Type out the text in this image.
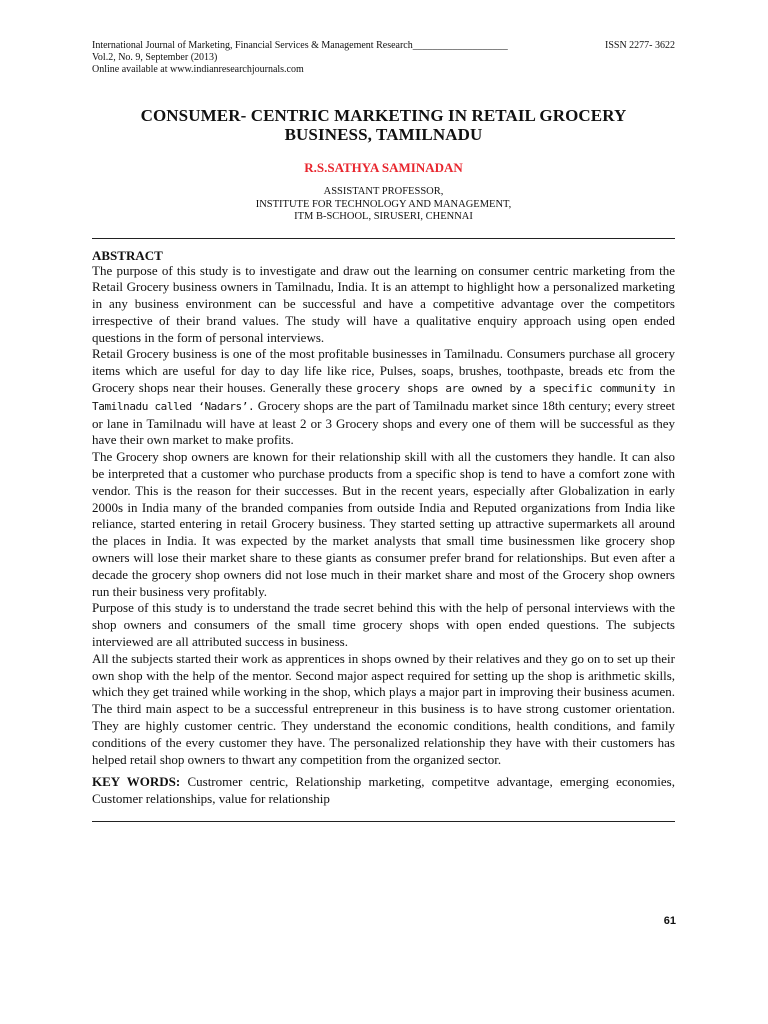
International Journal of Marketing, Financial Services & Management Research___________________	ISSN 2277- 3622
Vol.2, No. 9, September (2013)
Online available at www.indianresearchjournals.com
CONSUMER- CENTRIC MARKETING IN RETAIL GROCERY
BUSINESS, TAMILNADU
R.S.SATHYA SAMINADAN
ASSISTANT PROFESSOR,
INSTITUTE FOR TECHNOLOGY AND MANAGEMENT,
ITM B-SCHOOL, SIRUSERI, CHENNAI
ABSTRACT

The purpose of this study is to investigate and draw out the learning on consumer centric marketing from the Retail Grocery business owners in Tamilnadu, India. It is an attempt to highlight how a personalized marketing in any business environment can be successful and have a competitive advantage over the competitors irrespective of their brand values. The study will have a qualitative enquiry approach using open ended questions in the form of personal interviews.

Retail Grocery business is one of the most profitable businesses in Tamilnadu. Consumers purchase all grocery items which are useful for day to day life like rice, Pulses, soaps, brushes, toothpaste, breads etc from the Grocery shops near their houses. Generally these grocery shops are owned by a specific community in Tamilnadu called ‘Nadars’. Grocery shops are the part of Tamilnadu market since 18th century; every street or lane in Tamilnadu will have at least 2 or 3 Grocery shops and every one of them will be successful as they have their own market to make profits.

The Grocery shop owners are known for their relationship skill with all the customers they handle. It can also be interpreted that a customer who purchase products from a specific shop is tend to have a comfort zone with vendor. This is the reason for their successes. But in the recent years, especially after Globalization in early 2000s in India many of the branded companies from outside India and Reputed organizations from India like reliance, started entering in retail Grocery business. They started setting up attractive supermarkets all around the places in India. It was expected by the market analysts that small time businessmen like grocery shop owners will lose their market share to these giants as consumer prefer brand for relationships. But even after a decade the grocery shop owners did not lose much in their market share and most of the Grocery shop owners run their business very profitably.

Purpose of this study is to understand the trade secret behind this with the help of personal interviews with the shop owners and consumers of the small time grocery shops with open ended questions. The subjects interviewed are all attributed success in business.

All the subjects started their work as apprentices in shops owned by their relatives and they go on to set up their own shop with the help of the mentor. Second major aspect required for setting up the shop is arithmetic skills, which they get trained while working in the shop, which plays a major part in improving their business acumen. The third main aspect to be a successful entrepreneur in this business is to have strong customer orientation. They are highly customer centric. They understand the economic conditions, health conditions, and family conditions of the every customer they have. The personalized relationship they have with their customers has helped retail shop owners to thwart any competition from the organized sector.

KEY WORDS: Custromer centric, Relationship marketing, competitve advantage, emerging economies, Customer relationships, value for relationship

61
